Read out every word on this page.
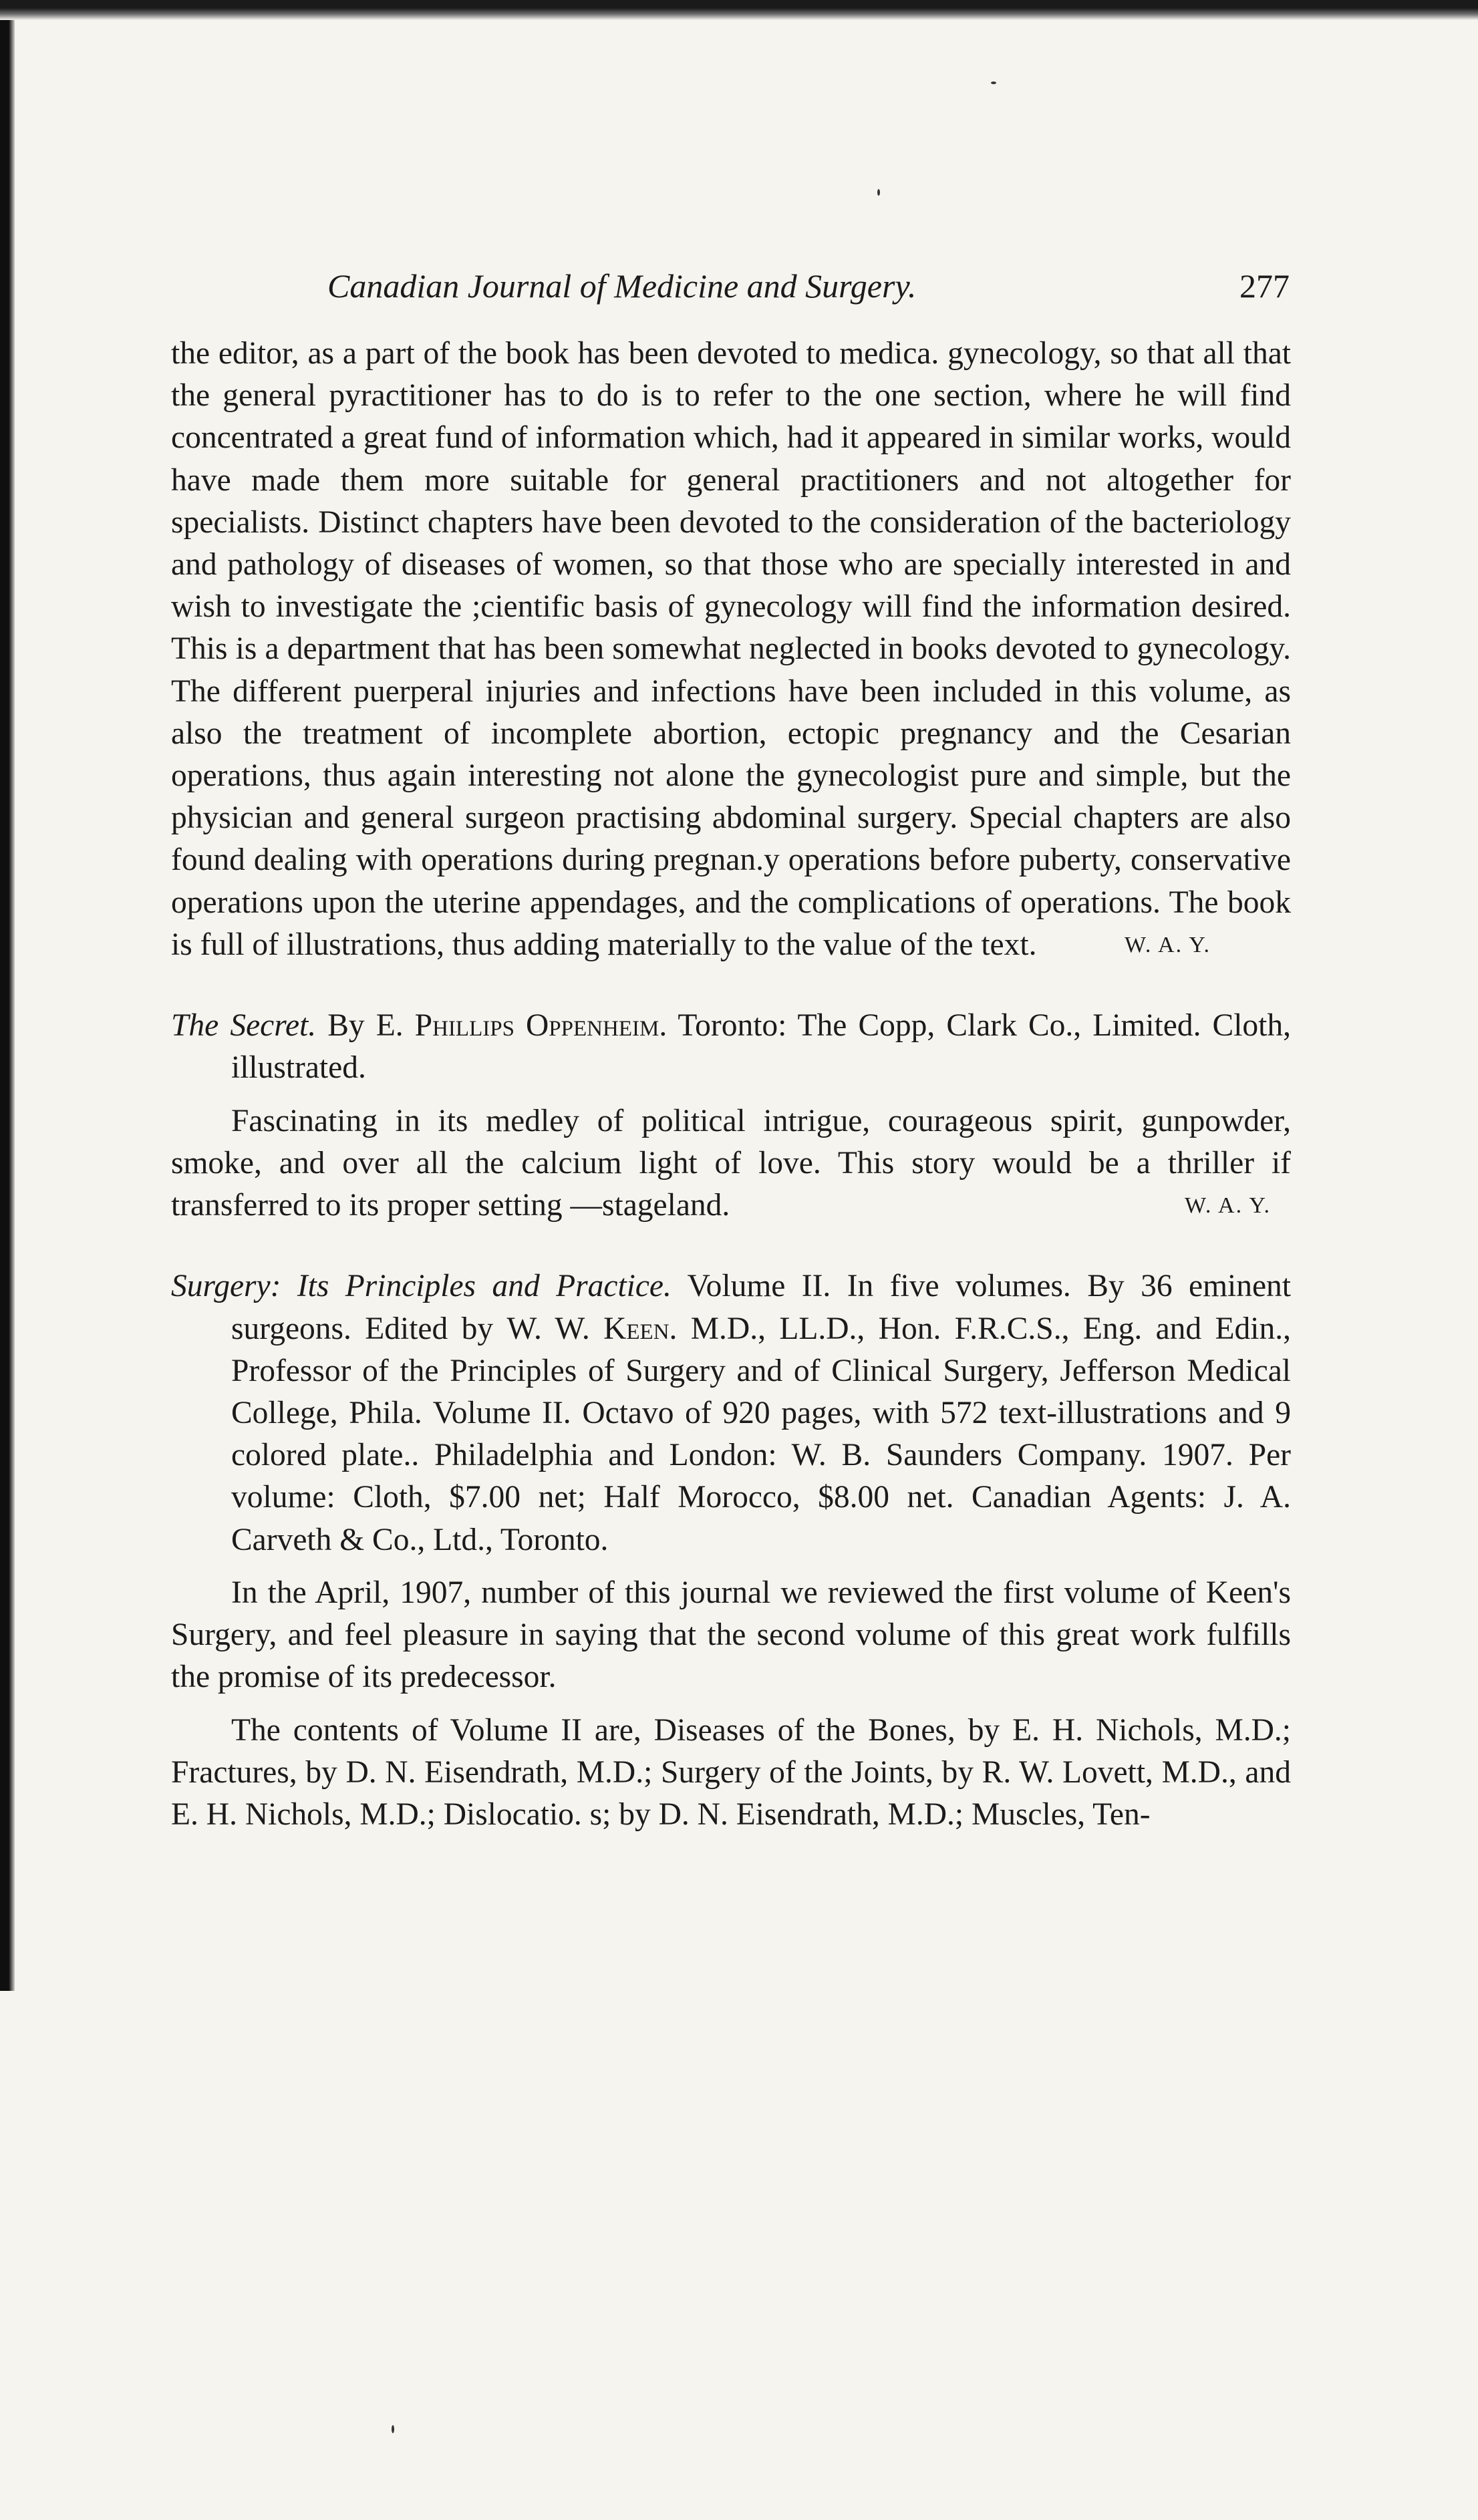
Canadian Journal of Medicine and Surgery.	277

the editor, as a part of the book has been devoted to medica. gynecology, so that all that the general pyractitioner has to do is to refer to the one section, where he will find concentrated a great fund of information which, had it appeared in similar works, would have made them more suitable for general practitioners and not altogether for specialists. Distinct chapters have been devoted to the consideration of the bacteriology and pathology of diseases of women, so that those who are specially interested in and wish to investigate the ;cientific basis of gynecology will find the information desired. This is a department that has been somewhat neglected in books devoted to gynecology. The different puerperal injuries and infections have been included in this volume, as also the treatment of incomplete abortion, ectopic pregnancy and the Cesarian operations, thus again interesting not alone the gynecologist pure and simple, but the physician and general surgeon practising abdominal surgery. Special chapters are also found dealing with operations during pregnan.y operations before puberty, conservative operations upon the uterine appendages, and the complications of operations. The book is full of illustrations, thus adding materially to the value of the text.	W. A. Y.

The Secret. By E. Phillips Oppenheim. Toronto: The Copp, Clark Co., Limited. Cloth, illustrated.

Fascinating in its medley of political intrigue, courageous spirit, gunpowder, smoke, and over all the calcium light of love. This story would be a thriller if transferred to its proper setting —stageland.	W. A. Y.

Surgery: Its Principles and Practice. Volume II. In five volumes. By 36 eminent surgeons. Edited by W. W. Keen. M.D., LL.D., Hon. F.R.C.S., Eng. and Edin., Professor of the Principles of Surgery and of Clinical Surgery, Jefferson Medical College, Phila. Volume II. Octavo of 920 pages, with 572 text-illustrations and 9 colored plate.. Philadelphia and London: W. B. Saunders Company. 1907. Per volume: Cloth, $7.00 net; Half Morocco, $8.00 net. Canadian Agents: J. A. Carveth & Co., Ltd., Toronto.

In the April, 1907, number of this journal we reviewed the first volume of Keen's Surgery, and feel pleasure in saying that the second volume of this great work fulfills the promise of its predecessor.

The contents of Volume II are, Diseases of the Bones, by E. H. Nichols, M.D.; Fractures, by D. N. Eisendrath, M.D.; Surgery of the Joints, by R. W. Lovett, M.D., and E. H. Nichols, M.D.; Dislocatio. s; by D. N. Eisendrath, M.D.; Muscles, Ten-
